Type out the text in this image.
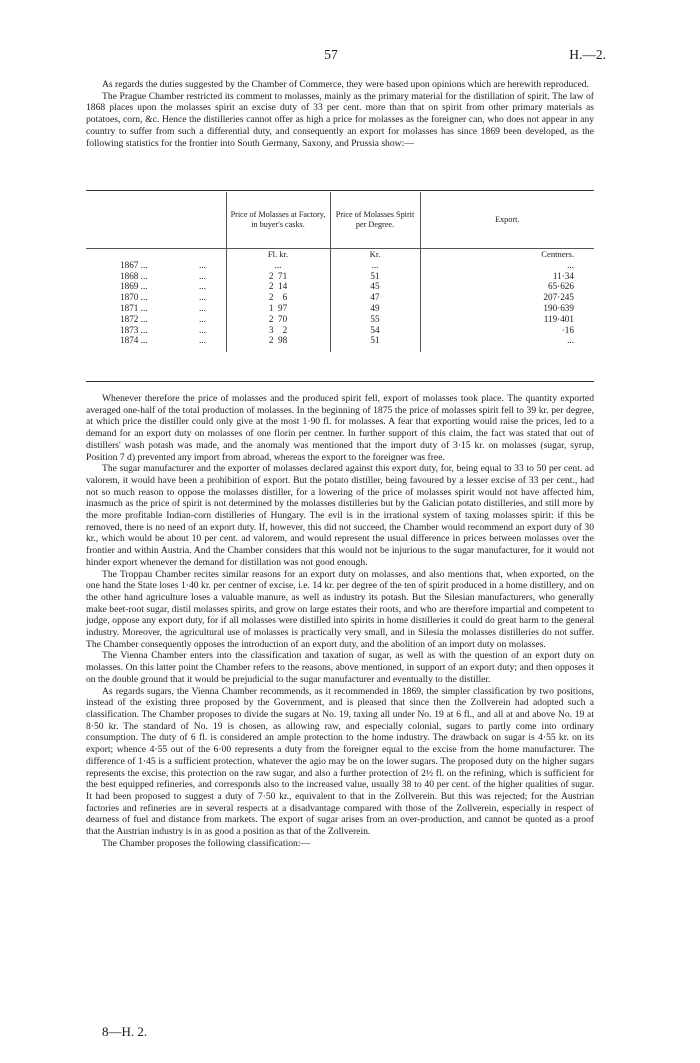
57	H.—2.

As regards the duties suggested by the Chamber of Commerce, they were based upon opinions which are herewith reproduced.

The Prague Chamber restricted its comment to molasses, mainly as the primary material for the distillation of spirit. The law of 1868 places upon the molasses spirit an excise duty of 33 per cent. more than that on spirit from other primary materials as potatoes, corn, &c. Hence the distilleries cannot offer as high a price for molasses as the foreigner can, who does not appear in any country to suffer from such a differential duty, and consequently an export for molasses has since 1869 been developed, as the following statistics for the frontier into South Germany, Saxony, and Prussia show:—

		Price of Molasses at Factory, in buyer's casks.	Price of Molasses Spirit per Degree.	Export.
		Fl. kr.	Kr.	Centners.
1867 ...	...	...	...	...
1868 ...	...	2 71	51	11·34
1869 ...	...	2 14	45	65·626
1870 ...	...	2 6	47	207·245
1871 ...	...	1 97	49	190·639
1872 ...	...	2 70	55	119·401
1873 ...	...	3 2	54	·16
1874 ...	...	2 98	51	...

Whenever therefore the price of molasses and the produced spirit fell, export of molasses took place. The quantity exported averaged one-half of the total production of molasses. In the beginning of 1875 the price of molasses spirit fell to 39 kr. per degree, at which price the distiller could only give at the most 1·90 fl. for molasses. A fear that exporting would raise the prices, led to a demand for an export duty on molasses of one florin per centner. In further support of this claim, the fact was stated that out of distillers' wash potash was made, and the anomaly was mentioned that the import duty of 3·15 kr. on molasses (sugar, syrup, Position 7 d) prevented any import from abroad, whereas the export to the foreigner was free.

The sugar manufacturer and the exporter of molasses declared against this export duty, for, being equal to 33 to 50 per cent. ad valorem, it would have been a prohibition of export. But the potato distiller, being favoured by a lesser excise of 33 per cent., had not so much reason to oppose the molasses distiller, for a lowering of the price of molasses spirit would not have affected him, inasmuch as the price of spirit is not determined by the molasses distilleries but by the Galician potato distilleries, and still more by the more profitable Indian-corn distilleries of Hungary. The evil is in the irrational system of taxing molasses spirit: if this be removed, there is no need of an export duty. If, however, this did not succeed, the Chamber would recommend an export duty of 30 kr., which would be about 10 per cent. ad valorem, and would represent the usual difference in prices between molasses over the frontier and within Austria. And the Chamber considers that this would not be injurious to the sugar manufacturer, for it would not hinder export whenever the demand for distillation was not good enough.

The Troppau Chamber recites similar reasons for an export duty on molasses, and also mentions that, when exported, on the one hand the State loses 1·40 kr. per centner of excise, i.e. 14 kr. per degree of the ten of spirit produced in a home distillery, and on the other hand agriculture loses a valuable manure, as well as industry its potash. But the Silesian manufacturers, who generally make beet-root sugar, distil molasses spirits, and grow on large estates their roots, and who are therefore impartial and competent to judge, oppose any export duty, for if all molasses were distilled into spirits in home distilleries it could do great harm to the general industry. Moreover, the agricultural use of molasses is practically very small, and in Silesia the molasses distilleries do not suffer. The Chamber consequently opposes the introduction of an export duty, and the abolition of an import duty on molasses.

The Vienna Chamber enters into the classification and taxation of sugar, as well as with the question of an export duty on molasses. On this latter point the Chamber refers to the reasons, above mentioned, in support of an export duty; and then opposes it on the double ground that it would be prejudicial to the sugar manufacturer and eventually to the distiller.

As regards sugars, the Vienna Chamber recommends, as it recommended in 1869, the simpler classification by two positions, instead of the existing three proposed by the Government, and is pleased that since then the Zollverein had adopted such a classification. The Chamber proposes to divide the sugars at No. 19, taxing all under No. 19 at 6 fl., and all at and above No. 19 at 8·50 kr. The standard of No. 19 is chosen, as allowing raw, and especially colonial, sugars to partly come into ordinary consumption. The duty of 6 fl. is considered an ample protection to the home industry. The drawback on sugar is 4·55 kr. on its export; whence 4·55 out of the 6·00 represents a duty from the foreigner equal to the excise from the home manufacturer. The difference of 1·45 is a sufficient protection, whatever the agio may be on the lower sugars. The proposed duty on the higher sugars represents the excise, this protection on the raw sugar, and also a further protection of 2½ fl. on the refining, which is sufficient for the best equipped refineries, and corresponds also to the increased value, usually 38 to 40 per cent. of the higher qualities of sugar. It had been proposed to suggest a duty of 7·50 kr., equivalent to that in the Zollverein. But this was rejected; for the Austrian factories and refineries are in several respects at a disadvantage compared with those of the Zollverein, especially in respect of dearness of fuel and distance from markets. The export of sugar arises from an over-production, and cannot be quoted as a proof that the Austrian industry is in as good a position as that of the Zollverein.

The Chamber proposes the following classification:—

8—H. 2.
